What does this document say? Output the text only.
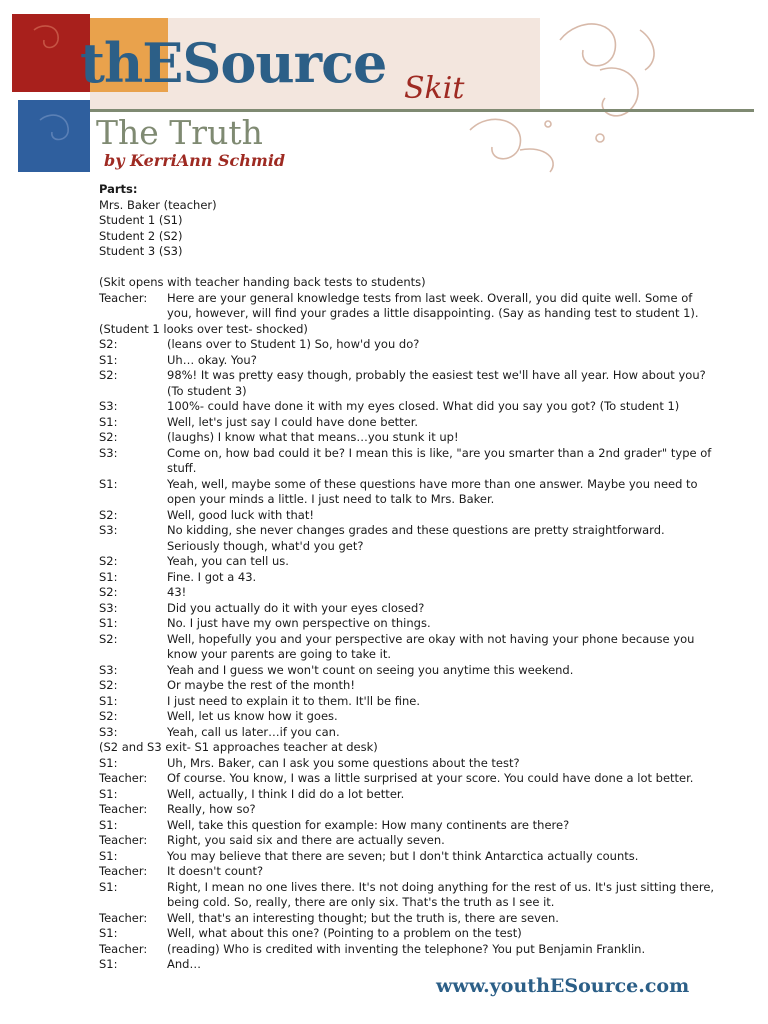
thESource Skit
The Truth
by KerriAnn Schmid
Parts:
Mrs. Baker (teacher)
Student 1 (S1)
Student 2 (S2)
Student 3 (S3)
(Skit opens with teacher handing back tests to students)
Teacher:	Here are your general knowledge tests from last week. Overall, you did quite well. Some of you, however, will find your grades a little disappointing. (Say as handing test to student 1).
(Student 1 looks over test- shocked)
S2:	(leans over to Student 1) So, how'd you do?
S1:	Uh… okay. You?
S2:	98%! It was pretty easy though, probably the easiest test we'll have all year. How about you? (To student 3)
S3:	100%- could have done it with my eyes closed. What did you say you got? (To student 1)
S1:	Well, let's just say I could have done better.
S2:	(laughs) I know what that means…you stunk it up!
S3:	Come on, how bad could it be? I mean this is like, "are you smarter than a 2nd grader" type of stuff.
S1:	Yeah, well, maybe some of these questions have more than one answer. Maybe you need to open your minds a little. I just need to talk to Mrs. Baker.
S2:	Well, good luck with that!
S3:	No kidding, she never changes grades and these questions are pretty straightforward. Seriously though, what'd you get?
S2:	Yeah, you can tell us.
S1:	Fine. I got a 43.
S2:	43!
S3:	Did you actually do it with your eyes closed?
S1:	No. I just have my own perspective on things.
S2:	Well, hopefully you and your perspective are okay with not having your phone because you know your parents are going to take it.
S3:	Yeah and I guess we won't count on seeing you anytime this weekend.
S2:	Or maybe the rest of the month!
S1:	I just need to explain it to them. It'll be fine.
S2:	Well, let us know how it goes.
S3:	Yeah, call us later…if you can.
(S2 and S3 exit- S1 approaches teacher at desk)
S1:	Uh, Mrs. Baker, can I ask you some questions about the test?
Teacher:	Of course. You know, I was a little surprised at your score. You could have done a lot better.
S1:	Well, actually, I think I did do a lot better.
Teacher:	Really, how so?
S1:	Well, take this question for example: How many continents are there?
Teacher:	Right, you said six and there are actually seven.
S1:	You may believe that there are seven; but I don't think Antarctica actually counts.
Teacher:	It doesn't count?
S1:	Right, I mean no one lives there. It's not doing anything for the rest of us. It's just sitting there, being cold. So, really, there are only six. That's the truth as I see it.
Teacher:	Well, that's an interesting thought; but the truth is, there are seven.
S1:	Well, what about this one? (Pointing to a problem on the test)
Teacher:	(reading) Who is credited with inventing the telephone? You put Benjamin Franklin.
S1:	And…
www.youthESource.com
